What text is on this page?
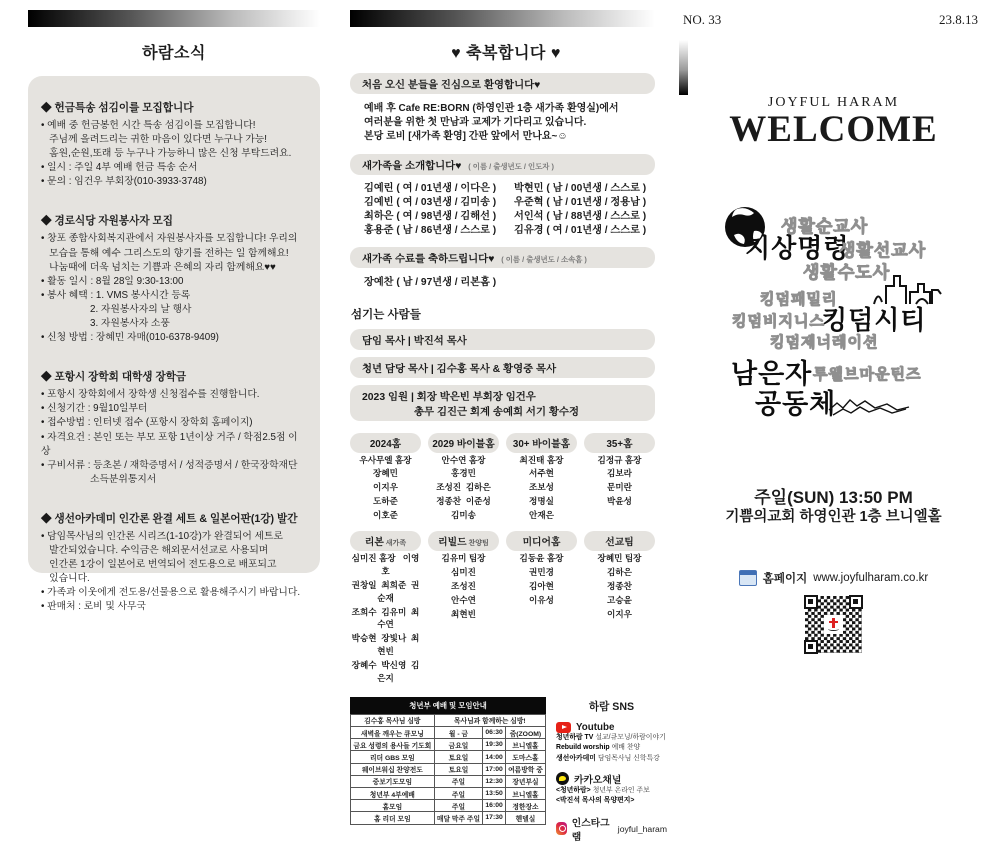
하람소식
◆ 헌금특송 섬김이를 모집합니다
• 예배 중 헌금봉헌 시간 특송 섬김이를 모집합니다!
주님께 올려드리는 귀한 마음이 있다면 누구나 가능!
홈원,순원,또래 등 누구나 가능하니 많은 신청 부탁드려요.
• 일시 : 주일 4부 예배 헌금 특송 순서
• 문의 : 임건우 부회장(010-3933-3748)
◆ 경로식당 자원봉사자 모집
• 창포 종합사회복지관에서 자원봉사자를 모집합니다! 우리의
모습을 통해 예수 그리스도의 향기를 전하는 일 함께해요!
나눔때에 더욱 넘치는 기쁨과 은혜의 자리 함께해요♥♥
• 활동 일시 : 8월 28일 9:30-13:00
• 봉사 혜택 : 1. VMS 봉사시간 등록
2. 자원봉사자의 날 행사
3. 자원봉사자 소풍
• 신청 방법 : 장혜민 자매(010-6378-9409)
◆ 포항시 장학회 대학생 장학금
• 포항시 장학회에서 장학생 신청접수를 진행합니다.
• 신청기간 : 9월10일부터
• 접수방법 : 인터넷 접수 (포항시 장학회 홈페이지)
• 자격요건 : 본인 또는 부모 포항 1년이상 거주 / 학점2.5점 이상
• 구비서류 : 등초본 / 재학증명서 / 성적증명서 / 한국장학재단
소득분위통지서
◆ 생선아카데미 인간론 완결 세트 & 일본어판(1강) 발간
• 담임목사님의 인간론 시리즈(1-10강)가 완결되어 세트로
발간되었습니다. 수익금은 해외문서선교로 사용되며
인간론 1강이 일본어로 번역되어 전도용으로 배포되고
있습니다.
• 가족과 이웃에게 전도용/선물용으로 활용해주시기 바랍니다.
• 판매처 : 로비 및 사무국
♥ 축복합니다 ♥
처음 오신 분들을 진심으로 환영합니다♥
예배 후 Cafe RE:BORN (하영인관 1층 새가족 환영실)에서
여러분을 위한 첫 만남과 교제가 기다리고 있습니다.
본당 로비 [새가족 환영] 간판 앞에서 만나요~☺
새가족을 소개합니다♥ ( 이름 / 출생년도 / 인도자 )
김예린 ( 여 / 01년생 / 이다은 )
김예빈 ( 여 / 03년생 / 김미송 )
최하은 ( 여 / 98년생 / 김해선 )
홍용준 ( 남 / 86년생 / 스스로 )
박현민 ( 남 / 00년생 / 스스로 )
우준혁 ( 남 / 01년생 / 정용남 )
서인석 ( 남 / 88년생 / 스스로 )
김유경 ( 여 / 01년생 / 스스로 )
새가족 수료를 축하드립니다♥ ( 이름 / 출생년도 / 소속홈 )
장예찬 ( 남 / 97년생 / 리본홈 )
섬기는 사람들
담임 목사 | 박진석 목사
청년 담당 목사 | 김수홍 목사 & 황영중 목사
2023 임원 | 회장 박은빈 부회장 임건우
총무 김진근 회계 송예희 서기 황수정
2024홈
우사무엘 홈장
장혜민
이지우
도하준
이호준
2029 바이블홈
안수연 홈장
홍경민
조성진  김하은
정종찬  이준성
김미송
30+ 바이블홈
최진태 홈장
서주현
조보성
정명실
안재은
35+홈
김정규 홈장
김보라
문미란
박윤성
리본 새가족
심미진 홈장   이영호
권창일  최희준  권순재
조희수  김유미  최수연
박승현  장빛나  최현빈
장혜수  박신영  김은지
리빌드 찬양팀
김유미 팀장
심미진
조성진
안수연
최현빈
미디어홈
김동윤 홈장
권민경
김아현
이유성
선교팀
장혜민 팀장
김하은
정종찬
고승윤
이지우
청년부 예배 및 모임안내
김수홍 목사님 심방	목사님과 함께하는 심방!		
새벽을 깨우는 큐모닝	월 - 금	06:30	줌(ZOOM)
금요 성령의 용사들 기도회	금요일	19:30	브니엘홀
리더 GBS 모임	토요일	14:00	도마스홀
웨이브워십 찬양전도	토요일	17:00	여름방학 중
중보기도모임	주일	12:30	장년부실
청년부 4부예배	주일	13:50	브니엘홀
홈모임	주일	16:00	정한장소
홈 리더 모임	매달 막주 주일	17:30	헨델실
하람 SNS
Youtube
청년하람 TV 설교/큐모닝/하람이야기
Rebuild worship 예배 찬양
생선아카데미 담임목사님 신학특강
카카오채널
<청년하람> 청년부 온라인 주보
<박진석 목사의 목양편지>
인스타그램
joyful_haram
NO. 33	23.8.13
JOYFUL HARAM
WELCOME
생활순교사
지상명령
생활선교사
생활수도사
킹덤패밀리
킹덤비지니스
킹덤시티
킹덤제너레이션
남은자 투웰브마운틴즈
공동체
주일(SUN) 13:50 PM
기쁨의교회 하영인관 1층 브니엘홀
홈페이지 www.joyfulharam.co.kr
